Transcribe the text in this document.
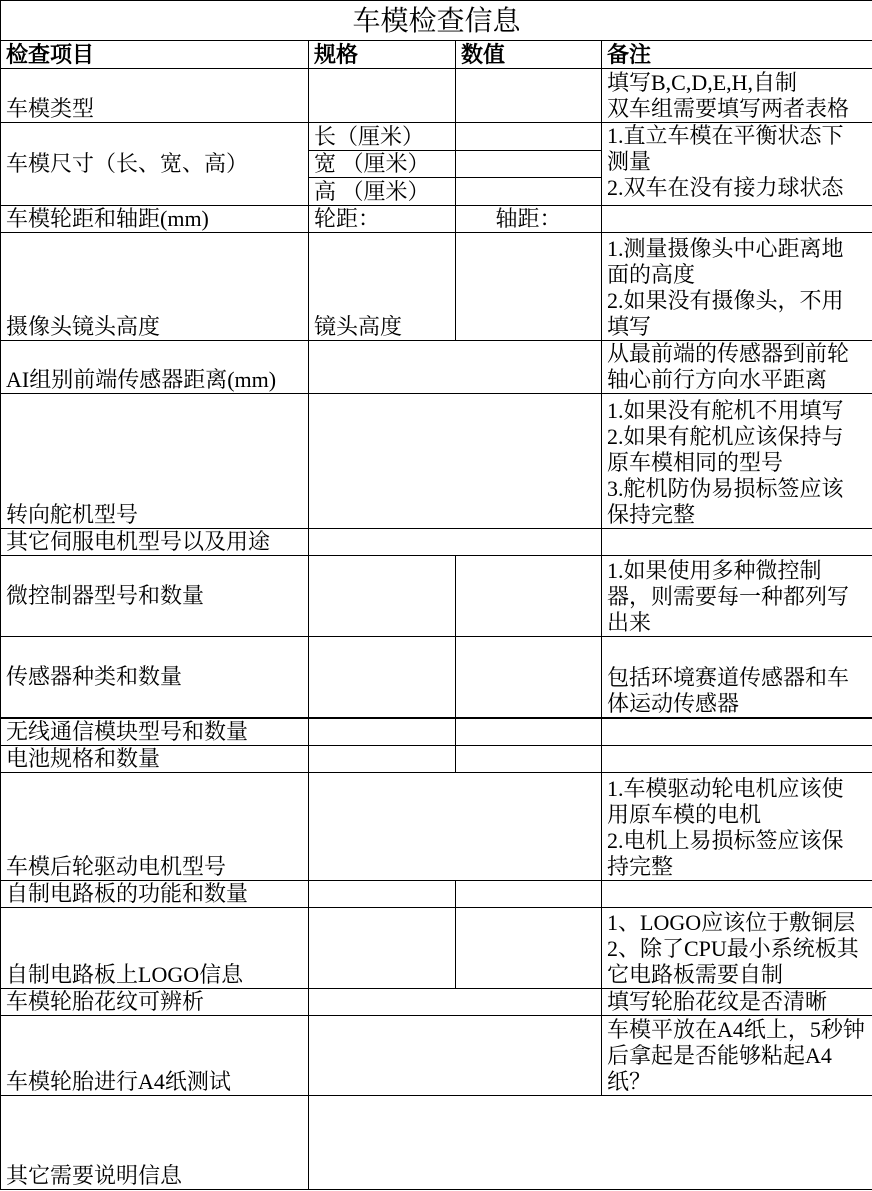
车模检查信息			
检查项目	规格	数值	备注
车模类型			填写B,C,D,E,H,自制
双车组需要填写两者表格

车模尺寸（长、宽、高）	长（厘米）		1.直立车模在平衡状态下
测量
2.双车在没有接力球状态

	宽 （厘米）		
	高 （厘米）		
车模轮距和轴距(mm)	轮距：	轴距：	
摄像头镜头高度	镜头高度		1.测量摄像头中心距离地
面的高度
2.如果没有摄像头，不用
填写

AI组别前端传感器距离(mm)			从最前端的传感器到前轮
轴心前行方向水平距离

转向舵机型号			1.如果没有舵机不用填写
2.如果有舵机应该保持与
原车模相同的型号
3.舵机防伪易损标签应该
保持完整

其它伺服电机型号以及用途			
微控制器型号和数量			1.如果使用多种微控制
器，则需要每一种都列写
出来

传感器种类和数量			包括环境赛道传感器和车
体运动传感器

无线通信模块型号和数量			
电池规格和数量			
车模后轮驱动电机型号			1.车模驱动轮电机应该使
用原车模的电机
2.电机上易损标签应该保
持完整

自制电路板的功能和数量			
自制电路板上LOGO信息			1、LOGO应该位于敷铜层
2、除了CPU最小系统板其
它电路板需要自制

车模轮胎花纹可辨析			填写轮胎花纹是否清晰

车模轮胎进行A4纸测试			车模平放在A4纸上，5秒钟
后拿起是否能够粘起A4
纸？

其它需要说明信息			
